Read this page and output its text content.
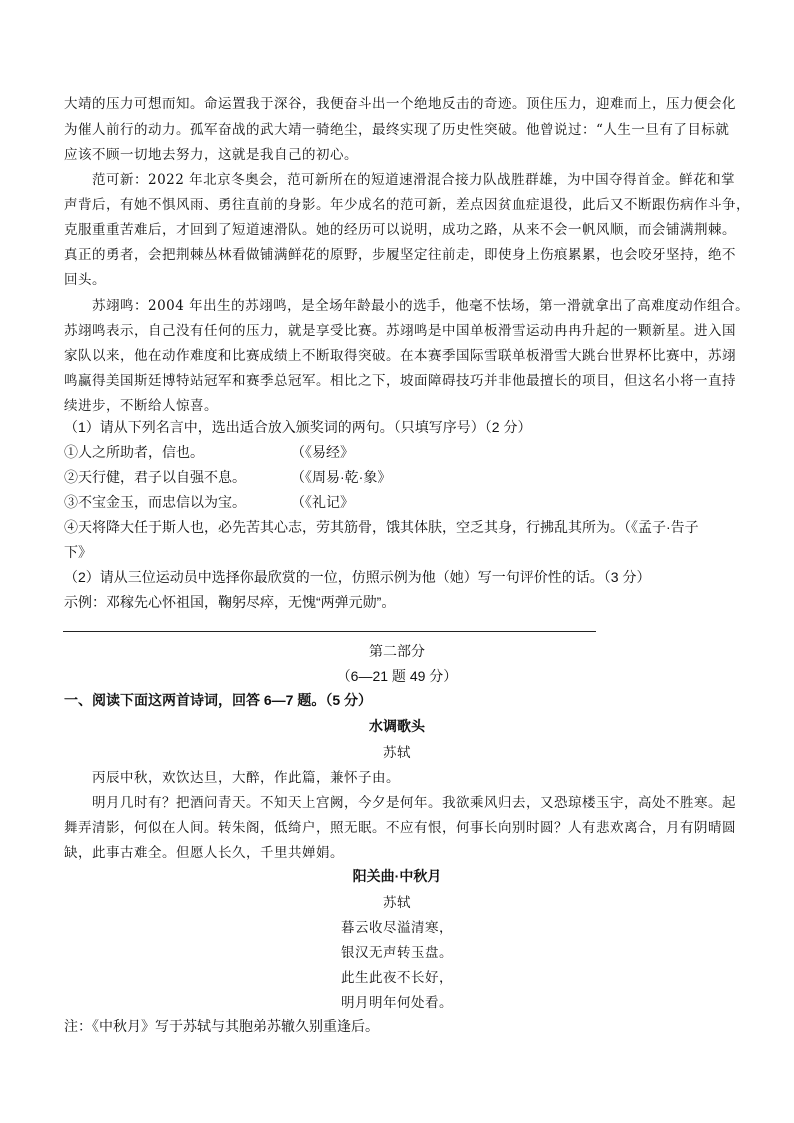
大靖的压力可想而知。命运置我于深谷，我便奋斗出一个绝地反击的奇迹。顶住压力，迎难而上，压力便会化
为催人前行的动力。孤军奋战的武大靖一骑绝尘，最终实现了历史性突破。他曾说过：“人生一旦有了目标就
应该不顾一切地去努力，这就是我自己的初心。
范可新：2022 年北京冬奥会，范可新所在的短道速滑混合接力队战胜群雄，为中国夺得首金。鲜花和掌
声背后，有她不惧风雨、勇往直前的身影。年少成名的范可新，差点因贫血症退役，此后又不断跟伤病作斗争，
克服重重苦难后，才回到了短道速滑队。她的经历可以说明，成功之路，从来不会一帆风顺，而会铺满荆棘。
真正的勇者，会把荆棘丛林看做铺满鲜花的原野，步履坚定往前走，即使身上伤痕累累，也会咬牙坚持，绝不
回头。
苏翊鸣：2004 年出生的苏翊鸣，是全场年龄最小的选手，他毫不怯场，第一滑就拿出了高难度动作组合。
苏翊鸣表示，自己没有任何的压力，就是享受比赛。苏翊鸣是中国单板滑雪运动冉冉升起的一颗新星。进入国
家队以来，他在动作难度和比赛成绩上不断取得突破。在本赛季国际雪联单板滑雪大跳台世界杯比赛中，苏翊
鸣赢得美国斯廷博特站冠军和赛季总冠军。相比之下，坡面障碍技巧并非他最擅长的项目，但这名小将一直持
续进步，不断给人惊喜。
（1）请从下列名言中，选出适合放入颁奖词的两句。（只填写序号）（2 分）
①人之所助者，信也。	（《易经》
②天行健，君子以自强不息。	（《周易·乾·象》
③不宝金玉，而忠信以为宝。	（《礼记》
④天将降大任于斯人也，必先苦其心志，劳其筋骨，饿其体肤，空乏其身，行拂乱其所为。（《孟子·告子
下》
（2）请从三位运动员中选择你最欣赏的一位，仿照示例为他（她）写一句评价性的话。（3 分）
示例：邓稼先心怀祖国，鞠躬尽瘁，无愧“两弹元勋”。
第二部分
（6—21 题 49 分）
一、阅读下面这两首诗词，回答 6—7 题。（5 分）
水调歌头
苏轼
丙辰中秋，欢饮达旦，大醉，作此篇，兼怀子由。
明月几时有？把酒问青天。不知天上宫阙，今夕是何年。我欲乘风归去，又恐琼楼玉宇，高处不胜寒。起
舞弄清影，何似在人间。转朱阁，低绮户，照无眠。不应有恨，何事长向别时圆？人有悲欢离合，月有阴晴圆
缺，此事古难全。但愿人长久，千里共婵娟。
阳关曲·中秋月
苏轼
暮云收尽溢清寒，
银汉无声转玉盘。
此生此夜不长好，
明月明年何处看。
注：《中秋月》写于苏轼与其胞弟苏辙久别重逢后。
